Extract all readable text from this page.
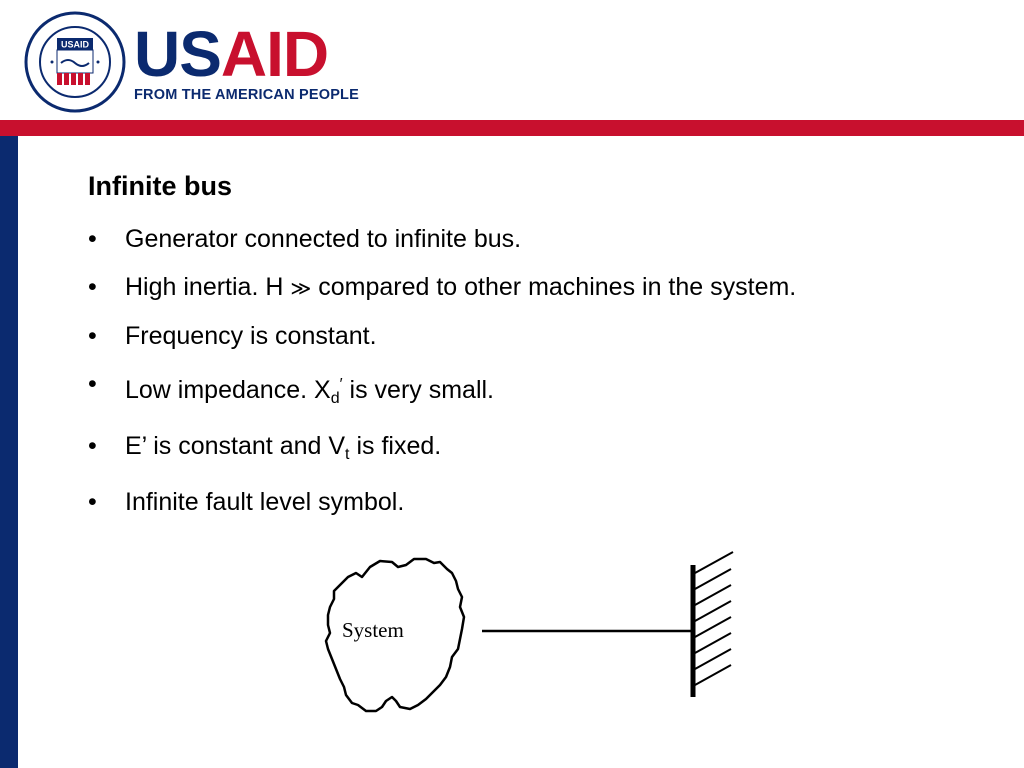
USAID USAID
FROM THE AMERICAN PEOPLE
Infinite bus
• Generator connected to infinite bus.
• High inertia. H ≫ compared to other machines in the system.
• Frequency is constant.
• Low impedance. $X_d'$ is very small.
• E’ is constant and $V_t$ is fixed.
• Infinite fault level symbol.
System
